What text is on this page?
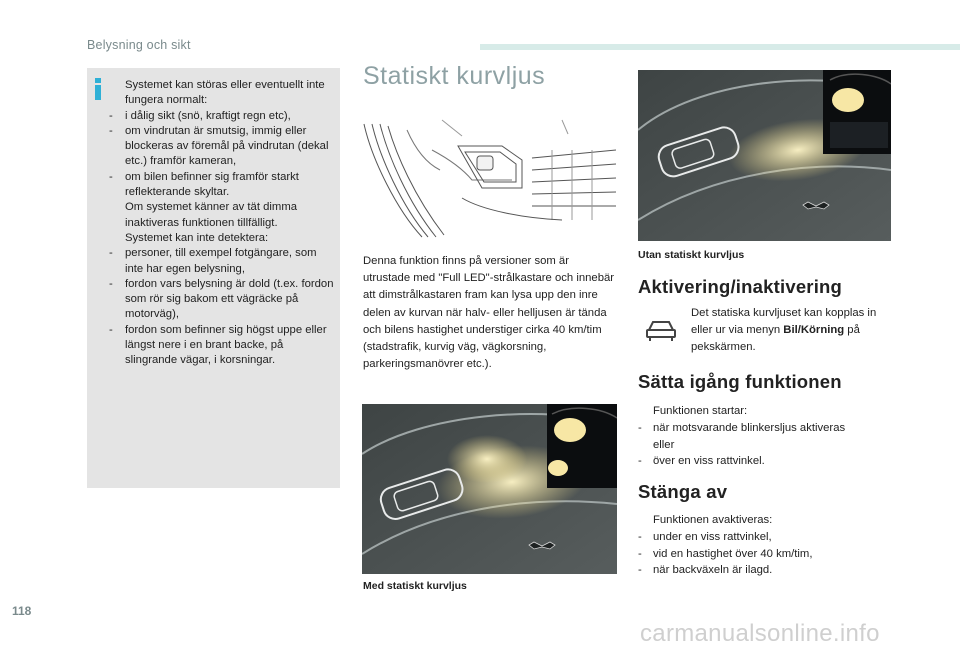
Belysning och sikt
Systemet kan störas eller eventuellt inte fungera normalt:
- i dålig sikt (snö, kraftigt regn etc),
- om vindrutan är smutsig, immig eller blockeras av föremål på vindrutan (dekal etc.) framför kameran,
- om bilen befinner sig framför starkt reflekterande skyltar.
Om systemet känner av tät dimma inaktiveras funktionen tillfälligt.
Systemet kan inte detektera:
- personer, till exempel fotgängare, som inte har egen belysning,
- fordon vars belysning är dold (t.ex. fordon som rör sig bakom ett vägräcke på motorväg),
- fordon som befinner sig högst uppe eller längst nere i en brant backe, på slingrande vägar, i korsningar.
Statiskt kurvljus
Denna funktion finns på versioner som är utrustade med "Full LED"-strålkastare och innebär att dimstrålkastaren fram kan lysa upp den inre delen av kurvan när halv- eller helljusen är tända och bilens hastighet understiger cirka 40 km/tim (stadstrafik, kurvig väg, vägkorsning, parkeringsmanövrer etc.).
Utan statiskt kurvljus
Med statiskt kurvljus
Aktivering/inaktivering
Det statiska kurvljuset kan kopplas in eller ur via menyn Bil/Körning på pekskärmen.
Sätta igång funktionen
Funktionen startar:
- när motsvarande blinkersljus aktiveras
eller
- över en viss rattvinkel.
Stänga av
Funktionen avaktiveras:
- under en viss rattvinkel,
- vid en hastighet över 40 km/tim,
- när backväxeln är ilagd.
118
carmanualsonline.info
